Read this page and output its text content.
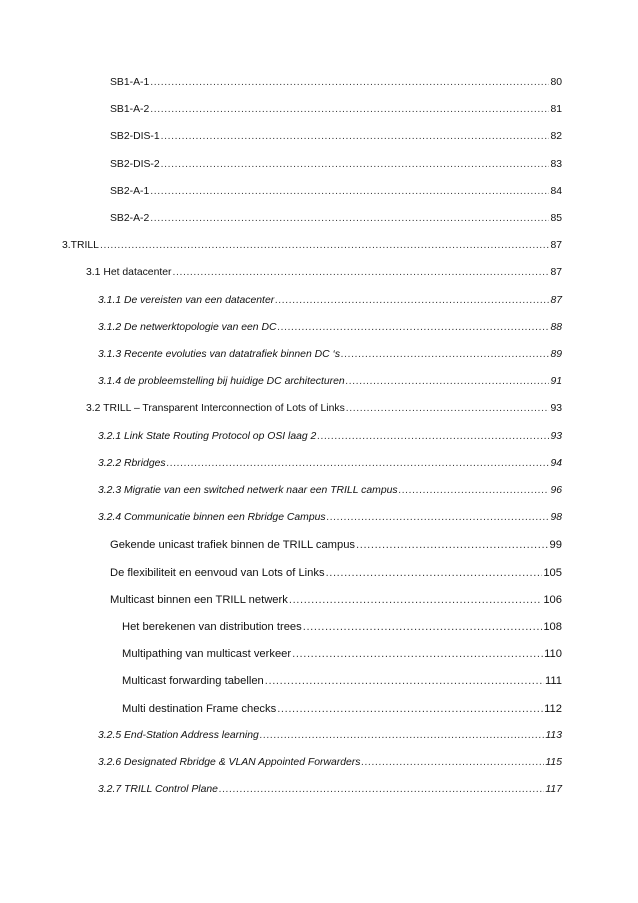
SB1-A-1 .....	80
SB1-A-2 .....	81
SB2-DIS-1 .....	82
SB2-DIS-2 .....	83
SB2-A-1 .....	84
SB2-A-2 .....	85
3.TRILL .....	87
3.1 Het datacenter .....	87
3.1.1 De vereisten van een datacenter .....	87
3.1.2 De netwerktopologie van een DC .....	88
3.1.3 Recente evoluties van datatrafiek binnen DC ‘s .....	89
3.1.4 de probleemstelling bij huidige DC architecturen .....	91
3.2 TRILL – Transparent Interconnection of Lots of Links .....	93
3.2.1 Link State Routing Protocol op OSI laag 2 .....	93
3.2.2 Rbridges .....	94
3.2.3 Migratie van een switched netwerk naar een TRILL campus .....	96
3.2.4 Communicatie binnen een Rbridge Campus .....	98
Gekende unicast trafiek binnen de TRILL campus .....	99
De flexibiliteit en eenvoud van Lots of Links .....	105
Multicast binnen een TRILL netwerk .....	106
Het berekenen van distribution trees .....	108
Multipathing van multicast verkeer .....	110
Multicast forwarding tabellen .....	111
Multi destination Frame checks .....	112
3.2.5 End-Station Address learning .....	113
3.2.6 Designated Rbridge & VLAN Appointed Forwarders .....	115
3.2.7 TRILL Control Plane .....	117
